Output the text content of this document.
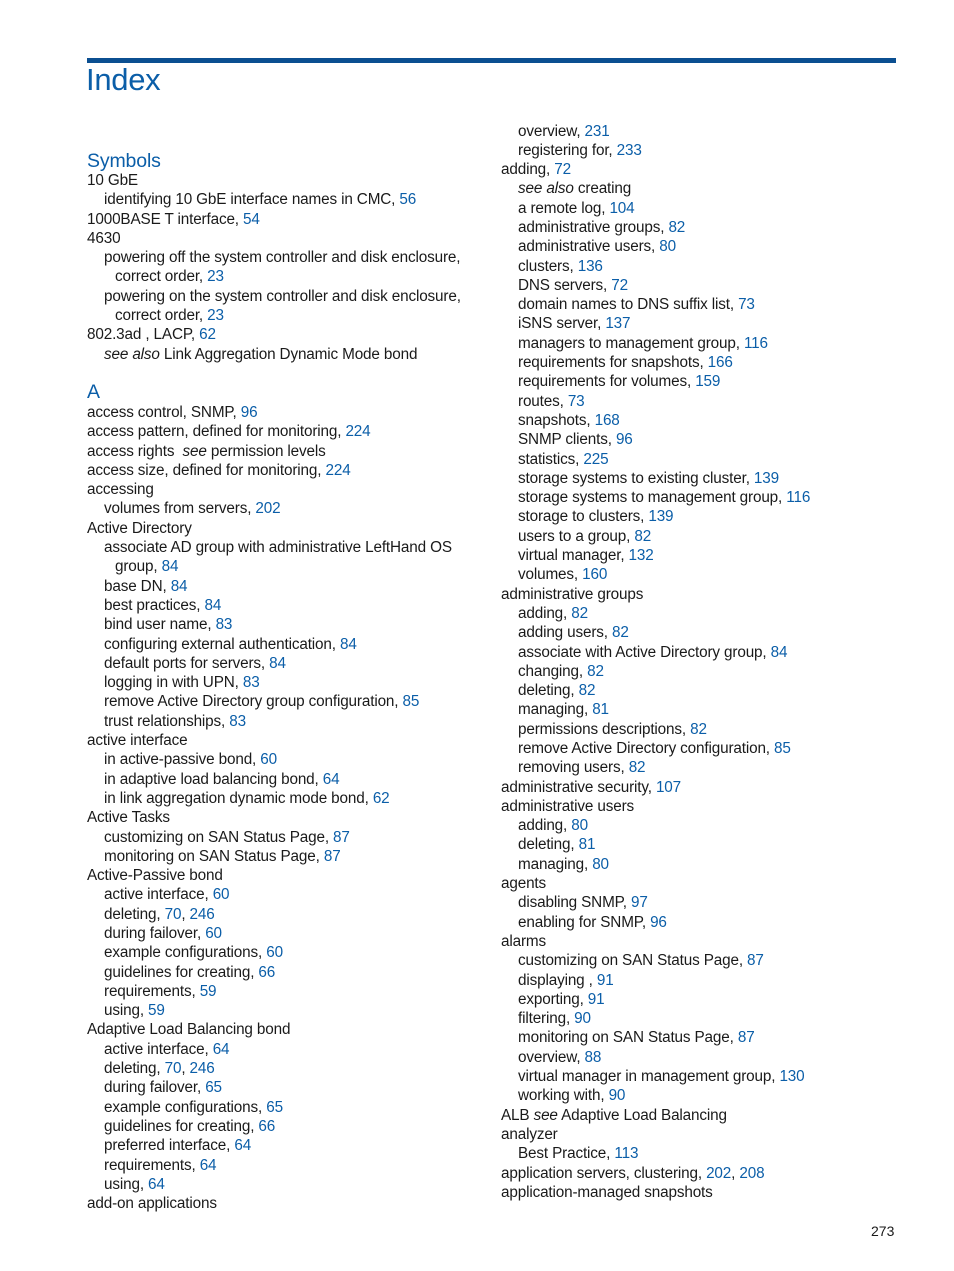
Index
Symbols
10 GbE
identifying 10 GbE interface names in CMC, 56
1000BASE T interface, 54
4630
powering off the system controller and disk enclosure,
correct order, 23
powering on the system controller and disk enclosure,
correct order, 23
802.3ad , LACP, 62
see also Link Aggregation Dynamic Mode bond
A
access control, SNMP, 96
access pattern, defined for monitoring, 224
access rights see permission levels
access size, defined for monitoring, 224
accessing
volumes from servers, 202
Active Directory
associate AD group with administrative LeftHand OS
group, 84
base DN, 84
best practices, 84
bind user name, 83
configuring external authentication, 84
default ports for servers, 84
logging in with UPN, 83
remove Active Directory group configuration, 85
trust relationships, 83
active interface
in active-passive bond, 60
in adaptive load balancing bond, 64
in link aggregation dynamic mode bond, 62
Active Tasks
customizing on SAN Status Page, 87
monitoring on SAN Status Page, 87
Active-Passive bond
active interface, 60
deleting, 70, 246
during failover, 60
example configurations, 60
guidelines for creating, 66
requirements, 59
using, 59
Adaptive Load Balancing bond
active interface, 64
deleting, 70, 246
during failover, 65
example configurations, 65
guidelines for creating, 66
preferred interface, 64
requirements, 64
using, 64
add-on applications
overview, 231
registering for, 233
adding, 72
see also creating
a remote log, 104
administrative groups, 82
administrative users, 80
clusters, 136
DNS servers, 72
domain names to DNS suffix list, 73
iSNS server, 137
managers to management group, 116
requirements for snapshots, 166
requirements for volumes, 159
routes, 73
snapshots, 168
SNMP clients, 96
statistics, 225
storage systems to existing cluster, 139
storage systems to management group, 116
storage to clusters, 139
users to a group, 82
virtual manager, 132
volumes, 160
administrative groups
adding, 82
adding users, 82
associate with Active Directory group, 84
changing, 82
deleting, 82
managing, 81
permissions descriptions, 82
remove Active Directory configuration, 85
removing users, 82
administrative security, 107
administrative users
adding, 80
deleting, 81
managing, 80
agents
disabling SNMP, 97
enabling for SNMP, 96
alarms
customizing on SAN Status Page, 87
displaying , 91
exporting, 91
filtering, 90
monitoring on SAN Status Page, 87
overview, 88
virtual manager in management group, 130
working with, 90
ALB see Adaptive Load Balancing
analyzer
Best Practice, 113
application servers, clustering, 202, 208
application-managed snapshots
273
